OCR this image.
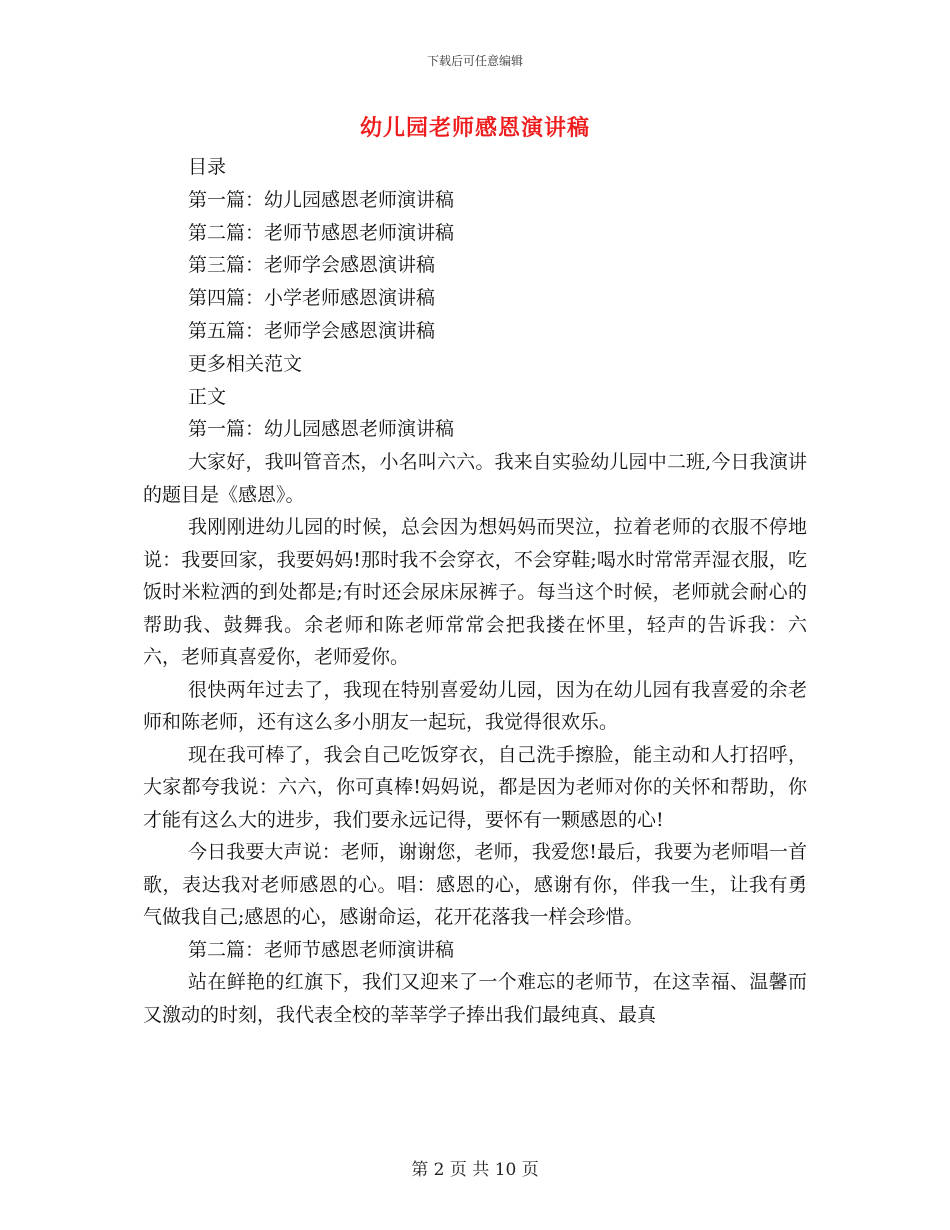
下载后可任意编辑
幼儿园老师感恩演讲稿
目录
第一篇：幼儿园感恩老师演讲稿
第二篇：老师节感恩老师演讲稿
第三篇：老师学会感恩演讲稿
第四篇：小学老师感恩演讲稿
第五篇：老师学会感恩演讲稿
更多相关范文
正文
第一篇：幼儿园感恩老师演讲稿

大家好，我叫管音杰，小名叫六六。我来自实验幼儿园中二班,今日我演讲的题目是《感恩》。

我刚刚进幼儿园的时候，总会因为想妈妈而哭泣，拉着老师的衣服不停地说：我要回家，我要妈妈!那时我不会穿衣，不会穿鞋;喝水时常常弄湿衣服，吃饭时米粒洒的到处都是;有时还会尿床尿裤子。每当这个时候，老师就会耐心的帮助我、鼓舞我。余老师和陈老师常常会把我搂在怀里，轻声的告诉我：六六，老师真喜爱你，老师爱你。

很快两年过去了，我现在特别喜爱幼儿园，因为在幼儿园有我喜爱的余老师和陈老师，还有这么多小朋友一起玩，我觉得很欢乐。

现在我可棒了，我会自己吃饭穿衣，自己洗手擦脸，能主动和人打招呼，大家都夸我说：六六，你可真棒!妈妈说，都是因为老师对你的关怀和帮助，你才能有这么大的进步，我们要永远记得，要怀有一颗感恩的心!

今日我要大声说：老师，谢谢您，老师，我爱您!最后，我要为老师唱一首歌，表达我对老师感恩的心。唱：感恩的心，感谢有你，伴我一生，让我有勇气做我自己;感恩的心，感谢命运，花开花落我一样会珍惜。

第二篇：老师节感恩老师演讲稿

站在鲜艳的红旗下，我们又迎来了一个难忘的老师节，在这幸福、温馨而又激动的时刻，我代表全校的莘莘学子捧出我们最纯真、最真

第 2 页 共 10 页
